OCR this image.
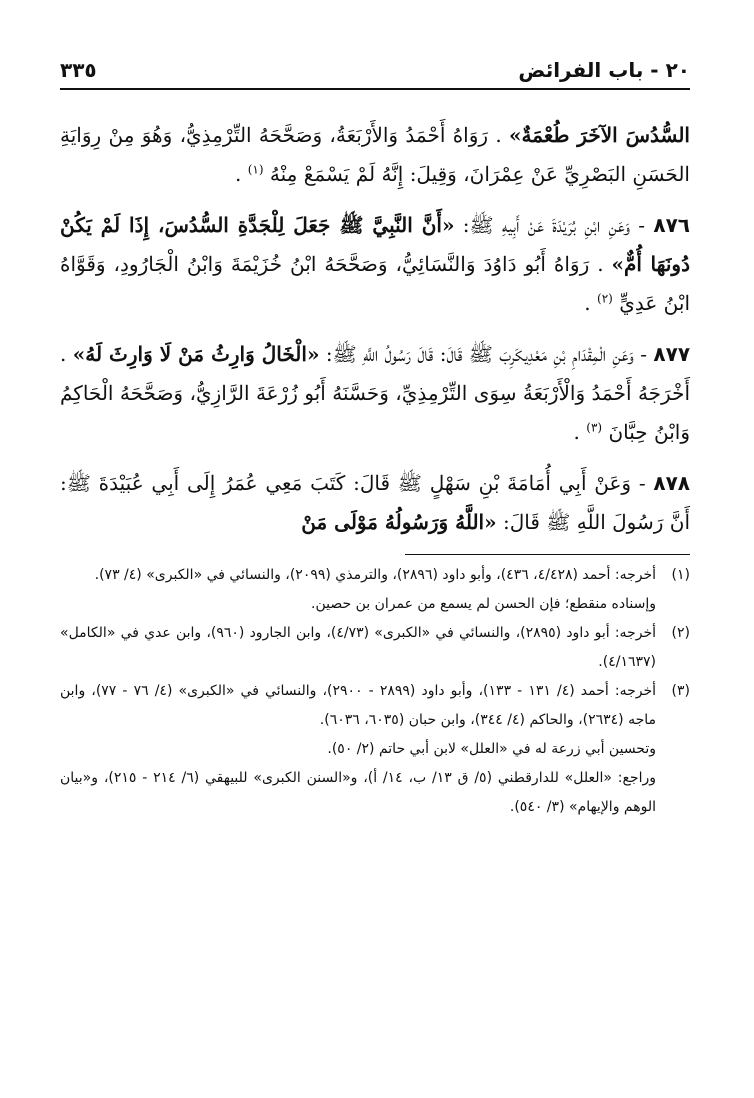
٢٠ - باب الفرائض
٣٣٥

السُّدُسَ الآخَرَ طُعْمَةٌ» . رَوَاهُ أَحْمَدُ وَالأَرْبَعَةُ، وَصَحَّحَهُ التِّرْمِذِيُّ، وَهُوَ مِنْ رِوَايَةِ الحَسَنِ البَصْرِيِّ عَنْ عِمْرَانَ، وَقِيلَ: إِنَّهُ لَمْ يَسْمَعْ مِنْهُ $^{(١)}$ .

٨٧٦ - وَعَنِ ابْنِ بُرَيْدَةَ عَنْ أَبِيهِ ﷺ: «أَنَّ النَّبِيَّ ﷺ جَعَلَ لِلْجَدَّةِ السُّدُسَ، إِذَا لَمْ يَكُنْ دُونَهَا أُمٌّ» . رَوَاهُ أَبُو دَاوُدَ وَالنَّسَائِيُّ، وَصَحَّحَهُ ابْنُ خُزَيْمَةَ وَابْنُ الْجَارُودِ، وَقَوَّاهُ ابْنُ عَدِيٍّ $^{(٢)}$ .

٨٧٧ - وَعَنِ الْمِقْدَامِ بْنِ مَعْدِيكَرِبَ ﷺ قَالَ: قَالَ رَسُولُ اللَّهِ ﷺ: «الْخَالُ وَارِثُ مَنْ لَا وَارِثَ لَهُ» . أَخْرَجَهُ أَحْمَدُ وَالْأَرْبَعَةُ سِوَى التِّرْمِذِيِّ، وَحَسَّنَهُ أَبُو زُرْعَةَ الرَّازِيُّ، وَصَحَّحَهُ الْحَاكِمُ وَابْنُ حِبَّانَ $^{(٣)}$ .

٨٧٨ - وَعَنْ أَبِي أُمَامَةَ بْنِ سَهْلٍ ﷺ قَالَ: كَتَبَ مَعِي عُمَرُ إِلَى أَبِي عُبَيْدَةَ ﷺ: أَنَّ رَسُولَ اللَّهِ ﷺ قَالَ: «اللَّهُ وَرَسُولُهُ مَوْلَى مَنْ

(١)
أخرجه: أحمد (٤/٤٢٨، ٤٣٦)، وأبو داود (٢٨٩٦)، والترمذي (٢٠٩٩)، والنسائي في «الكبرى» (٤/ ٧٣).
وإسناده منقطع؛ فإن الحسن لم يسمع من عمران بن حصين.
(٢)
أخرجه: أبو داود (٢٨٩٥)، والنسائي في «الكبرى» (٤/٧٣)، وابن الجارود (٩٦٠)، وابن عدي في «الكامل» (٤/١٦٣٧).
(٣)
أخرجه: أحمد (٤/ ١٣١ - ١٣٣)، وأبو داود (٢٨٩٩ - ٢٩٠٠)، والنسائي في «الكبرى» (٤/ ٧٦ - ٧٧)، وابن ماجه (٢٦٣٤)، والحاكم (٤/ ٣٤٤)، وابن حبان (٦٠٣٥، ٦٠٣٦).
وتحسين أبي زرعة له في «العلل» لابن أبي حاتم (٢/ ٥٠).
وراجع: «العلل» للدارقطني (٥/ ق ١٣/ ب، ١٤/ أ)، و«السنن الكبرى» للبيهقي (٦/ ٢١٤ - ٢١٥)، و«بيان الوهم والإيهام» (٣/ ٥٤٠).
